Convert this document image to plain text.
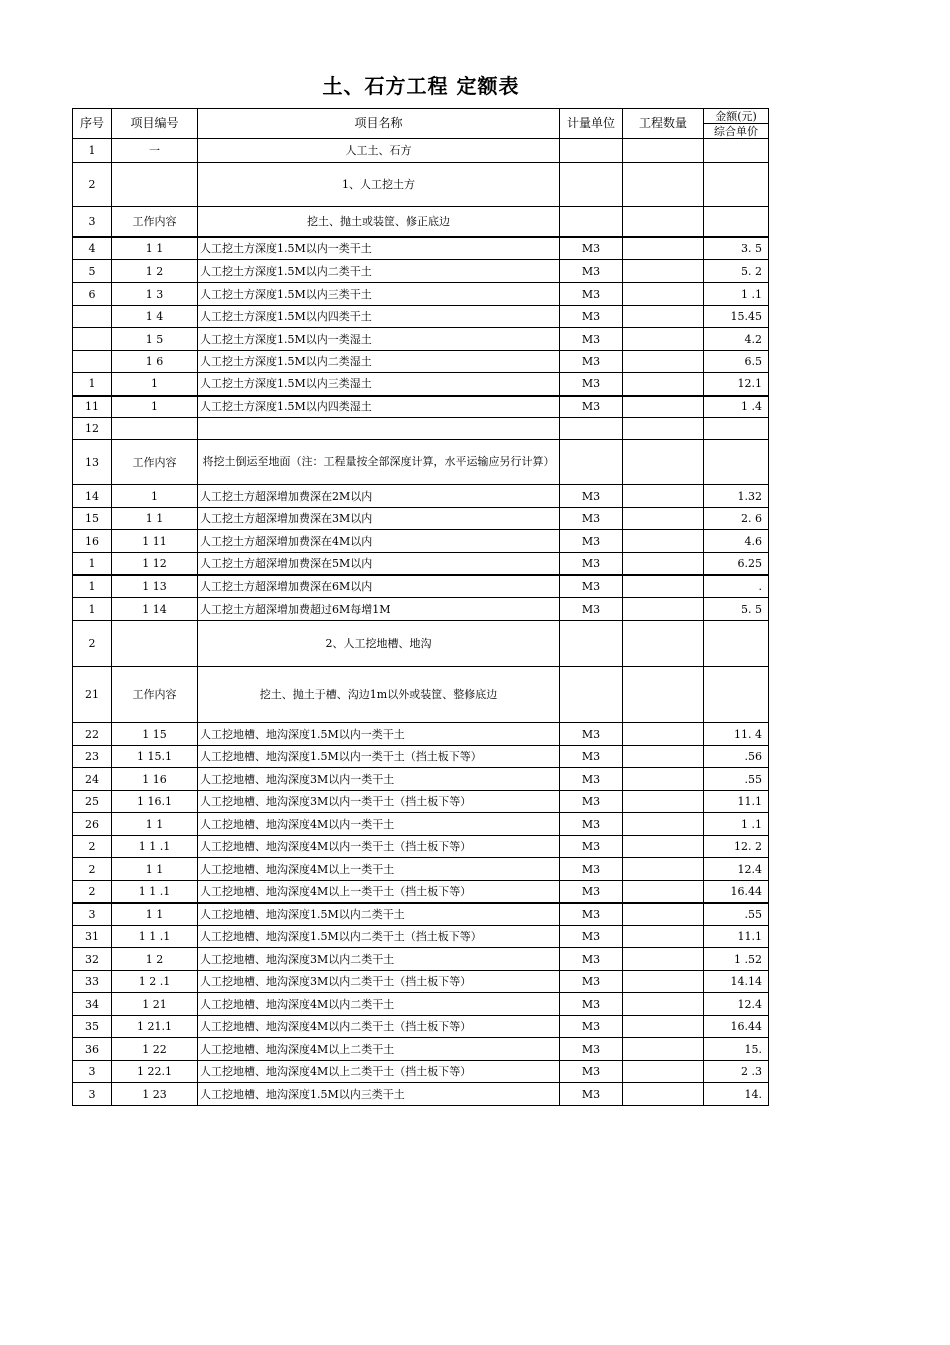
土、石方工程 定额表
序号	项目编号	项目名称	计量单位	工程数量	金额(元)
综合单价

1	一	人工土、石方			
2		1、人工挖土方			
3	工作内容	挖土、抛土或装筐、修正底边			
4	1 1	人工挖土方深度1.5M以内一类干土	M3		3. 5
5	1 2	人工挖土方深度1.5M以内二类干土	M3		5. 2
6	1 3	人工挖土方深度1.5M以内三类干土	M3		1 .1
	1 4	人工挖土方深度1.5M以内四类干土	M3		15.45
	1 5	人工挖土方深度1.5M以内一类湿土	M3		4.2
	1 6	人工挖土方深度1.5M以内二类湿土	M3		6.5
1	1	人工挖土方深度1.5M以内三类湿土	M3		12.1
11	1	人工挖土方深度1.5M以内四类湿土	M3		1 .4
12					
13	工作内容	将挖土倒运至地面（注：工程量按全部深度计算，水平运输应另行计算）			
14	1	人工挖土方超深增加费深在2M以内	M3		1.32
15	1 1	人工挖土方超深增加费深在3M以内	M3		2. 6
16	1 11	人工挖土方超深增加费深在4M以内	M3		4.6
1	1 12	人工挖土方超深增加费深在5M以内	M3		6.25
1	1 13	人工挖土方超深增加费深在6M以内	M3		.
1	1 14	人工挖土方超深增加费超过6M每增1M	M3		5. 5
2		2、人工挖地槽、地沟			
21	工作内容	挖土、抛土于槽、沟边1m以外或装筐、整修底边			
22	1 15	人工挖地槽、地沟深度1.5M以内一类干土	M3		11. 4
23	1 15.1	人工挖地槽、地沟深度1.5M以内一类干土（挡土板下等）	M3		.56
24	1 16	人工挖地槽、地沟深度3M以内一类干土	M3		.55
25	1 16.1	人工挖地槽、地沟深度3M以内一类干土（挡土板下等）	M3		11.1
26	1 1	人工挖地槽、地沟深度4M以内一类干土	M3		1 .1
2	1 1 .1	人工挖地槽、地沟深度4M以内一类干土（挡土板下等）	M3		12. 2
2	1 1	人工挖地槽、地沟深度4M以上一类干土	M3		12.4
2	1 1 .1	人工挖地槽、地沟深度4M以上一类干土（挡土板下等）	M3		16.44
3	1 1	人工挖地槽、地沟深度1.5M以内二类干土	M3		.55
31	1 1 .1	人工挖地槽、地沟深度1.5M以内二类干土（挡土板下等）	M3		11.1
32	1 2	人工挖地槽、地沟深度3M以内二类干土	M3		1 .52
33	1 2 .1	人工挖地槽、地沟深度3M以内二类干土（挡土板下等）	M3		14.14
34	1 21	人工挖地槽、地沟深度4M以内二类干土	M3		12.4
35	1 21.1	人工挖地槽、地沟深度4M以内二类干土（挡土板下等）	M3		16.44
36	1 22	人工挖地槽、地沟深度4M以上二类干土	M3		15.
3	1 22.1	人工挖地槽、地沟深度4M以上二类干土（挡土板下等）	M3		2 .3
3	1 23	人工挖地槽、地沟深度1.5M以内三类干土	M3		14.
